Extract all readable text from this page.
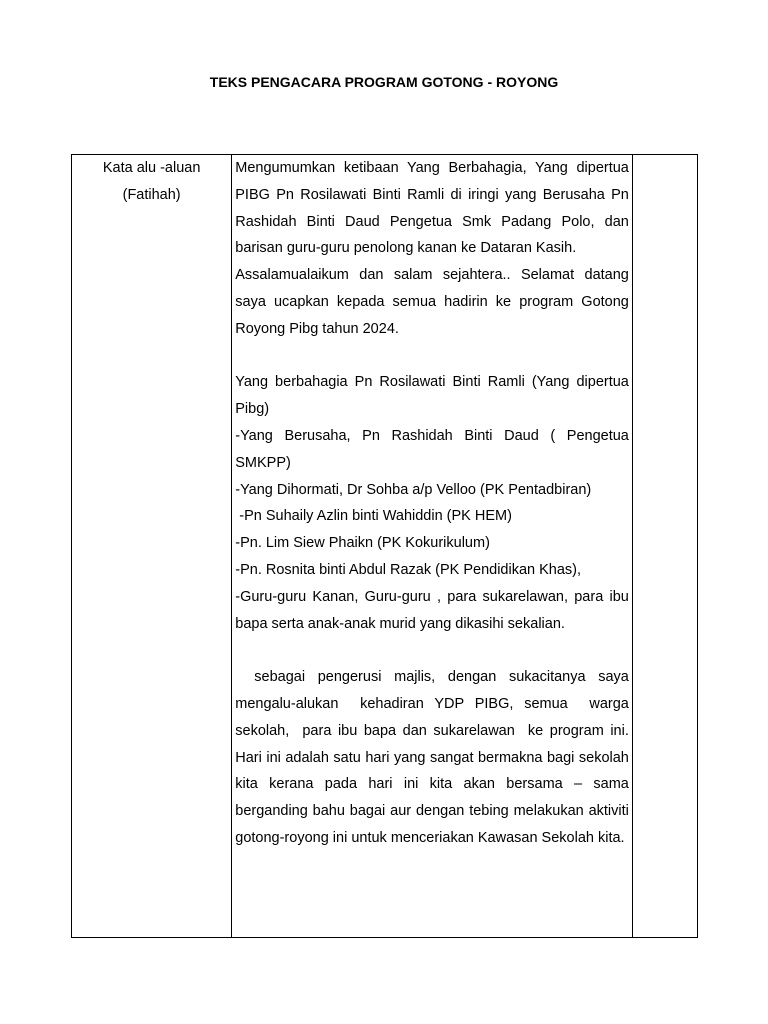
TEKS PENGACARA PROGRAM GOTONG - ROYONG
Kata alu -aluan
(Fatihah)

Mengumumkan ketibaan Yang Berbahagia, Yang dipertua PIBG Pn Rosilawati Binti Ramli di iringi yang Berusaha Pn Rashidah Binti Daud Pengetua Smk Padang Polo, dan barisan guru-guru penolong kanan ke Dataran Kasih.

Assalamualaikum dan salam sejahtera.. Selamat datang saya ucapkan kepada semua hadirin ke program Gotong Royong Pibg tahun 2024.

Yang berbahagia Pn Rosilawati Binti Ramli (Yang dipertua Pibg)

-Yang Berusaha, Pn Rashidah Binti Daud ( Pengetua SMKPP)

-Yang Dihormati, Dr Sohba a/p Velloo (PK Pentadbiran)

-Pn Suhaily Azlin binti Wahiddin (PK HEM)

-Pn. Lim Siew Phaikn (PK Kokurikulum)

-Pn. Rosnita binti Abdul Razak (PK Pendidikan Khas),

-Guru-guru Kanan, Guru-guru , para sukarelawan, para ibu bapa serta anak-anak murid yang dikasihi sekalian.

sebagai pengerusi majlis, dengan sukacitanya saya mengalu-alukan  kehadiran YDP PIBG, semua  warga sekolah,  para ibu bapa dan sukarelawan  ke program ini. Hari ini adalah satu hari yang sangat bermakna bagi sekolah kita kerana pada hari ini kita akan bersama – sama berganding bahu bagai aur dengan tebing melakukan aktiviti gotong-royong ini untuk menceriakan Kawasan Sekolah kita.
